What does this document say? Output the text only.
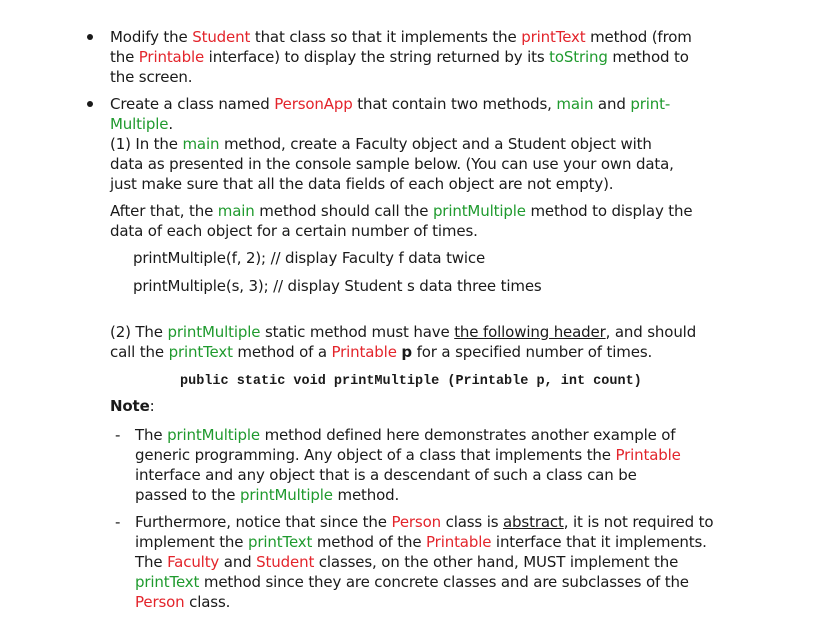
Modify the Student that class so that it implements the printText method (from
the Printable interface) to display the string returned by its toString method to
the screen.
Create a class named PersonApp that contain two methods, main and print-
Multiple.
(1) In the main method, create a Faculty object and a Student object with
data as presented in the console sample below. (You can use your own data,
just make sure that all the data fields of each object are not empty).
After that, the main method should call the printMultiple method to display the
data of each object for a certain number of times.
printMultiple(f, 2); // display Faculty f data twice
printMultiple(s, 3); // display Student s data three times
(2) The printMultiple static method must have the following header, and should
call the printText method of a Printable p for a specified number of times.
public static void printMultiple (Printable p, int count)
Note:
- The printMultiple method defined here demonstrates another example of
generic programming. Any object of a class that implements the Printable
interface and any object that is a descendant of such a class can be
passed to the printMultiple method.
- Furthermore, notice that since the Person class is abstract, it is not required to
implement the printText method of the Printable interface that it implements.
The Faculty and Student classes, on the other hand, MUST implement the
printText method since they are concrete classes and are subclasses of the
Person class.
